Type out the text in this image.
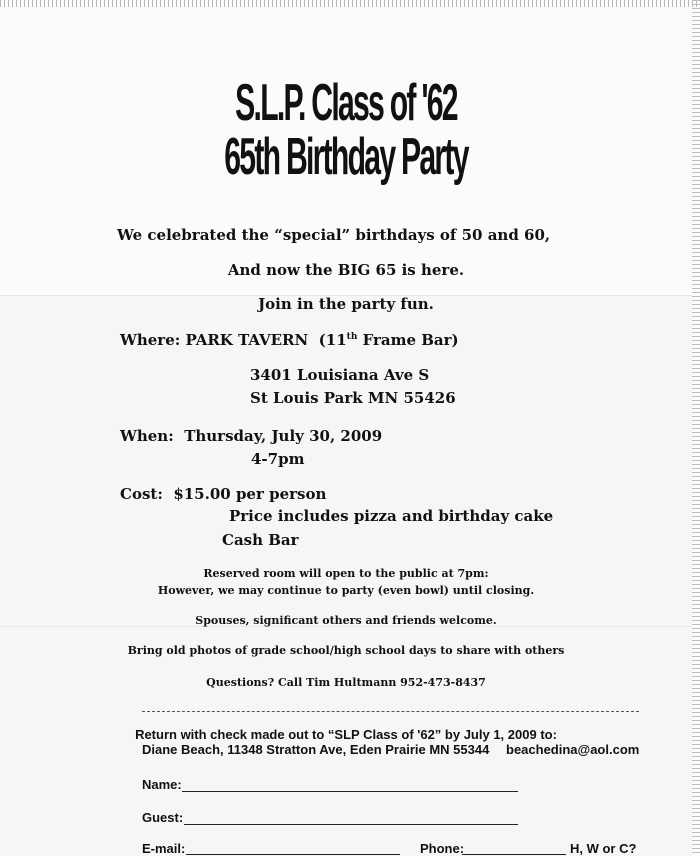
S.L.P. Class of '62
65th Birthday Party
We celebrated the “special” birthdays of 50 and 60,
And now the BIG 65 is here.
Join in the party fun.
Where: PARK TAVERN (11th Frame Bar)
3401 Louisiana Ave S
St Louis Park MN 55426
When: Thursday, July 30, 2009
4-7pm
Cost: $15.00 per person
Price includes pizza and birthday cake
Cash Bar
Reserved room will open to the public at 7pm:
However, we may continue to party (even bowl) until closing.
Spouses, significant others and friends welcome.
Bring old photos of grade school/high school days to share with others
Questions? Call Tim Hultmann 952-473-8437
Return with check made out to “SLP Class of '62” by July 1, 2009 to:
Diane Beach, 11348 Stratton Ave, Eden Prairie MN 55344 beachedina@aol.com
Name:
Guest:
E-mail:	Phone:	H, W or C?
